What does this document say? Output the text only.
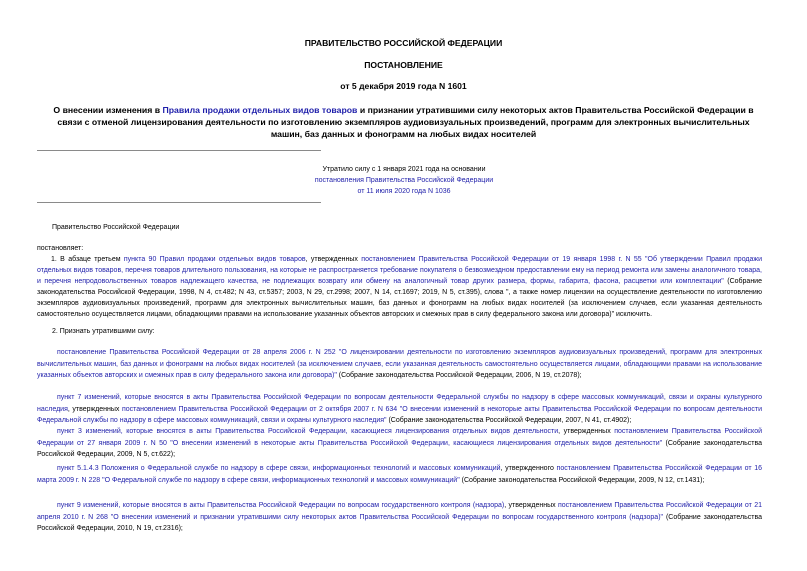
ПРАВИТЕЛЬСТВО РОССИЙСКОЙ ФЕДЕРАЦИИ
ПОСТАНОВЛЕНИЕ
от 5 декабря 2019 года N 1601
О внесении изменения в Правила продажи отдельных видов товаров и признании утратившими силу некоторых актов Правительства Российской Федерации в связи с отменой лицензирования деятельности по изготовлению экземпляров аудиовизуальных произведений, программ для электронных вычислительных машин, баз данных и фонограмм на любых видах носителей
Утратило силу с 1 января 2021 года на основании
постановления Правительства Российской Федерации
от 11 июля 2020 года N 1036
Правительство Российской Федерации
постановляет:

1. В абзаце третьем пункта 90 Правил продажи отдельных видов товаров, утвержденных постановлением Правительства Российской Федерации от 19 января 1998 г. N 55 "Об утверждении Правил продажи отдельных видов товаров, перечня товаров длительного пользования, на которые не распространяется требование покупателя о безвозмездном предоставлении ему на период ремонта или замены аналогичного товара, и перечня непродовольственных товаров надлежащего качества, не подлежащих возврату или обмену на аналогичный товар других размера, формы, габарита, фасона, расцветки или комплектации" (Собрание законодательства Российской Федерации, 1998, N 4, ст.482; N 43, ст.5357; 2003, N 29, ст.2998; 2007, N 14, ст.1697; 2019, N 5, ст.395), слова ", а также номер лицензии на осуществление деятельности по изготовлению экземпляров аудиовизуальных произведений, программ для электронных вычислительных машин, баз данных и фонограмм на любых видах носителей (за исключением случаев, если указанная деятельность самостоятельно осуществляется лицами, обладающими правами на использование указанных объектов авторских и смежных прав в силу федерального закона или договора)" исключить.

2. Признать утратившими силу:

постановление Правительства Российской Федерации от 28 апреля 2006 г. N 252 "О лицензировании деятельности по изготовлению экземпляров аудиовизуальных произведений, программ для электронных вычислительных машин, баз данных и фонограмм на любых видах носителей (за исключением случаев, если указанная деятельность самостоятельно осуществляется лицами, обладающими правами на использование указанных объектов авторских и смежных прав в силу федерального закона или договора)" (Собрание законодательства Российской Федерации, 2006, N 19, ст.2078);

пункт 7 изменений, которые вносятся в акты Правительства Российской Федерации по вопросам деятельности Федеральной службы по надзору в сфере массовых коммуникаций, связи и охраны культурного наследия, утвержденных постановлением Правительства Российской Федерации от 2 октября 2007 г. N 634 "О внесении изменений в некоторые акты Правительства Российской Федерации по вопросам деятельности Федеральной службы по надзору в сфере массовых коммуникаций, связи и охраны культурного наследия" (Собрание законодательства Российской Федерации, 2007, N 41, ст.4902);

пункт 3 изменений, которые вносятся в акты Правительства Российской Федерации, касающиеся лицензирования отдельных видов деятельности, утвержденных постановлением Правительства Российской Федерации от 27 января 2009 г. N 50 "О внесении изменений в некоторые акты Правительства Российской Федерации, касающиеся лицензирования отдельных видов деятельности" (Собрание законодательства Российской Федерации, 2009, N 5, ст.622);

пункт 5.1.4.3 Положения о Федеральной службе по надзору в сфере связи, информационных технологий и массовых коммуникаций, утвержденного постановлением Правительства Российской Федерации от 16 марта 2009 г. N 228 "О Федеральной службе по надзору в сфере связи, информационных технологий и массовых коммуникаций" (Собрание законодательства Российской Федерации, 2009, N 12, ст.1431);

пункт 9 изменений, которые вносятся в акты Правительства Российской Федерации по вопросам государственного контроля (надзора), утвержденных постановлением Правительства Российской Федерации от 21 апреля 2010 г. N 268 "О внесении изменений и признании утратившими силу некоторых актов Правительства Российской Федерации по вопросам государственного контроля (надзора)" (Собрание законодательства Российской Федерации, 2010, N 19, ст.2316);
